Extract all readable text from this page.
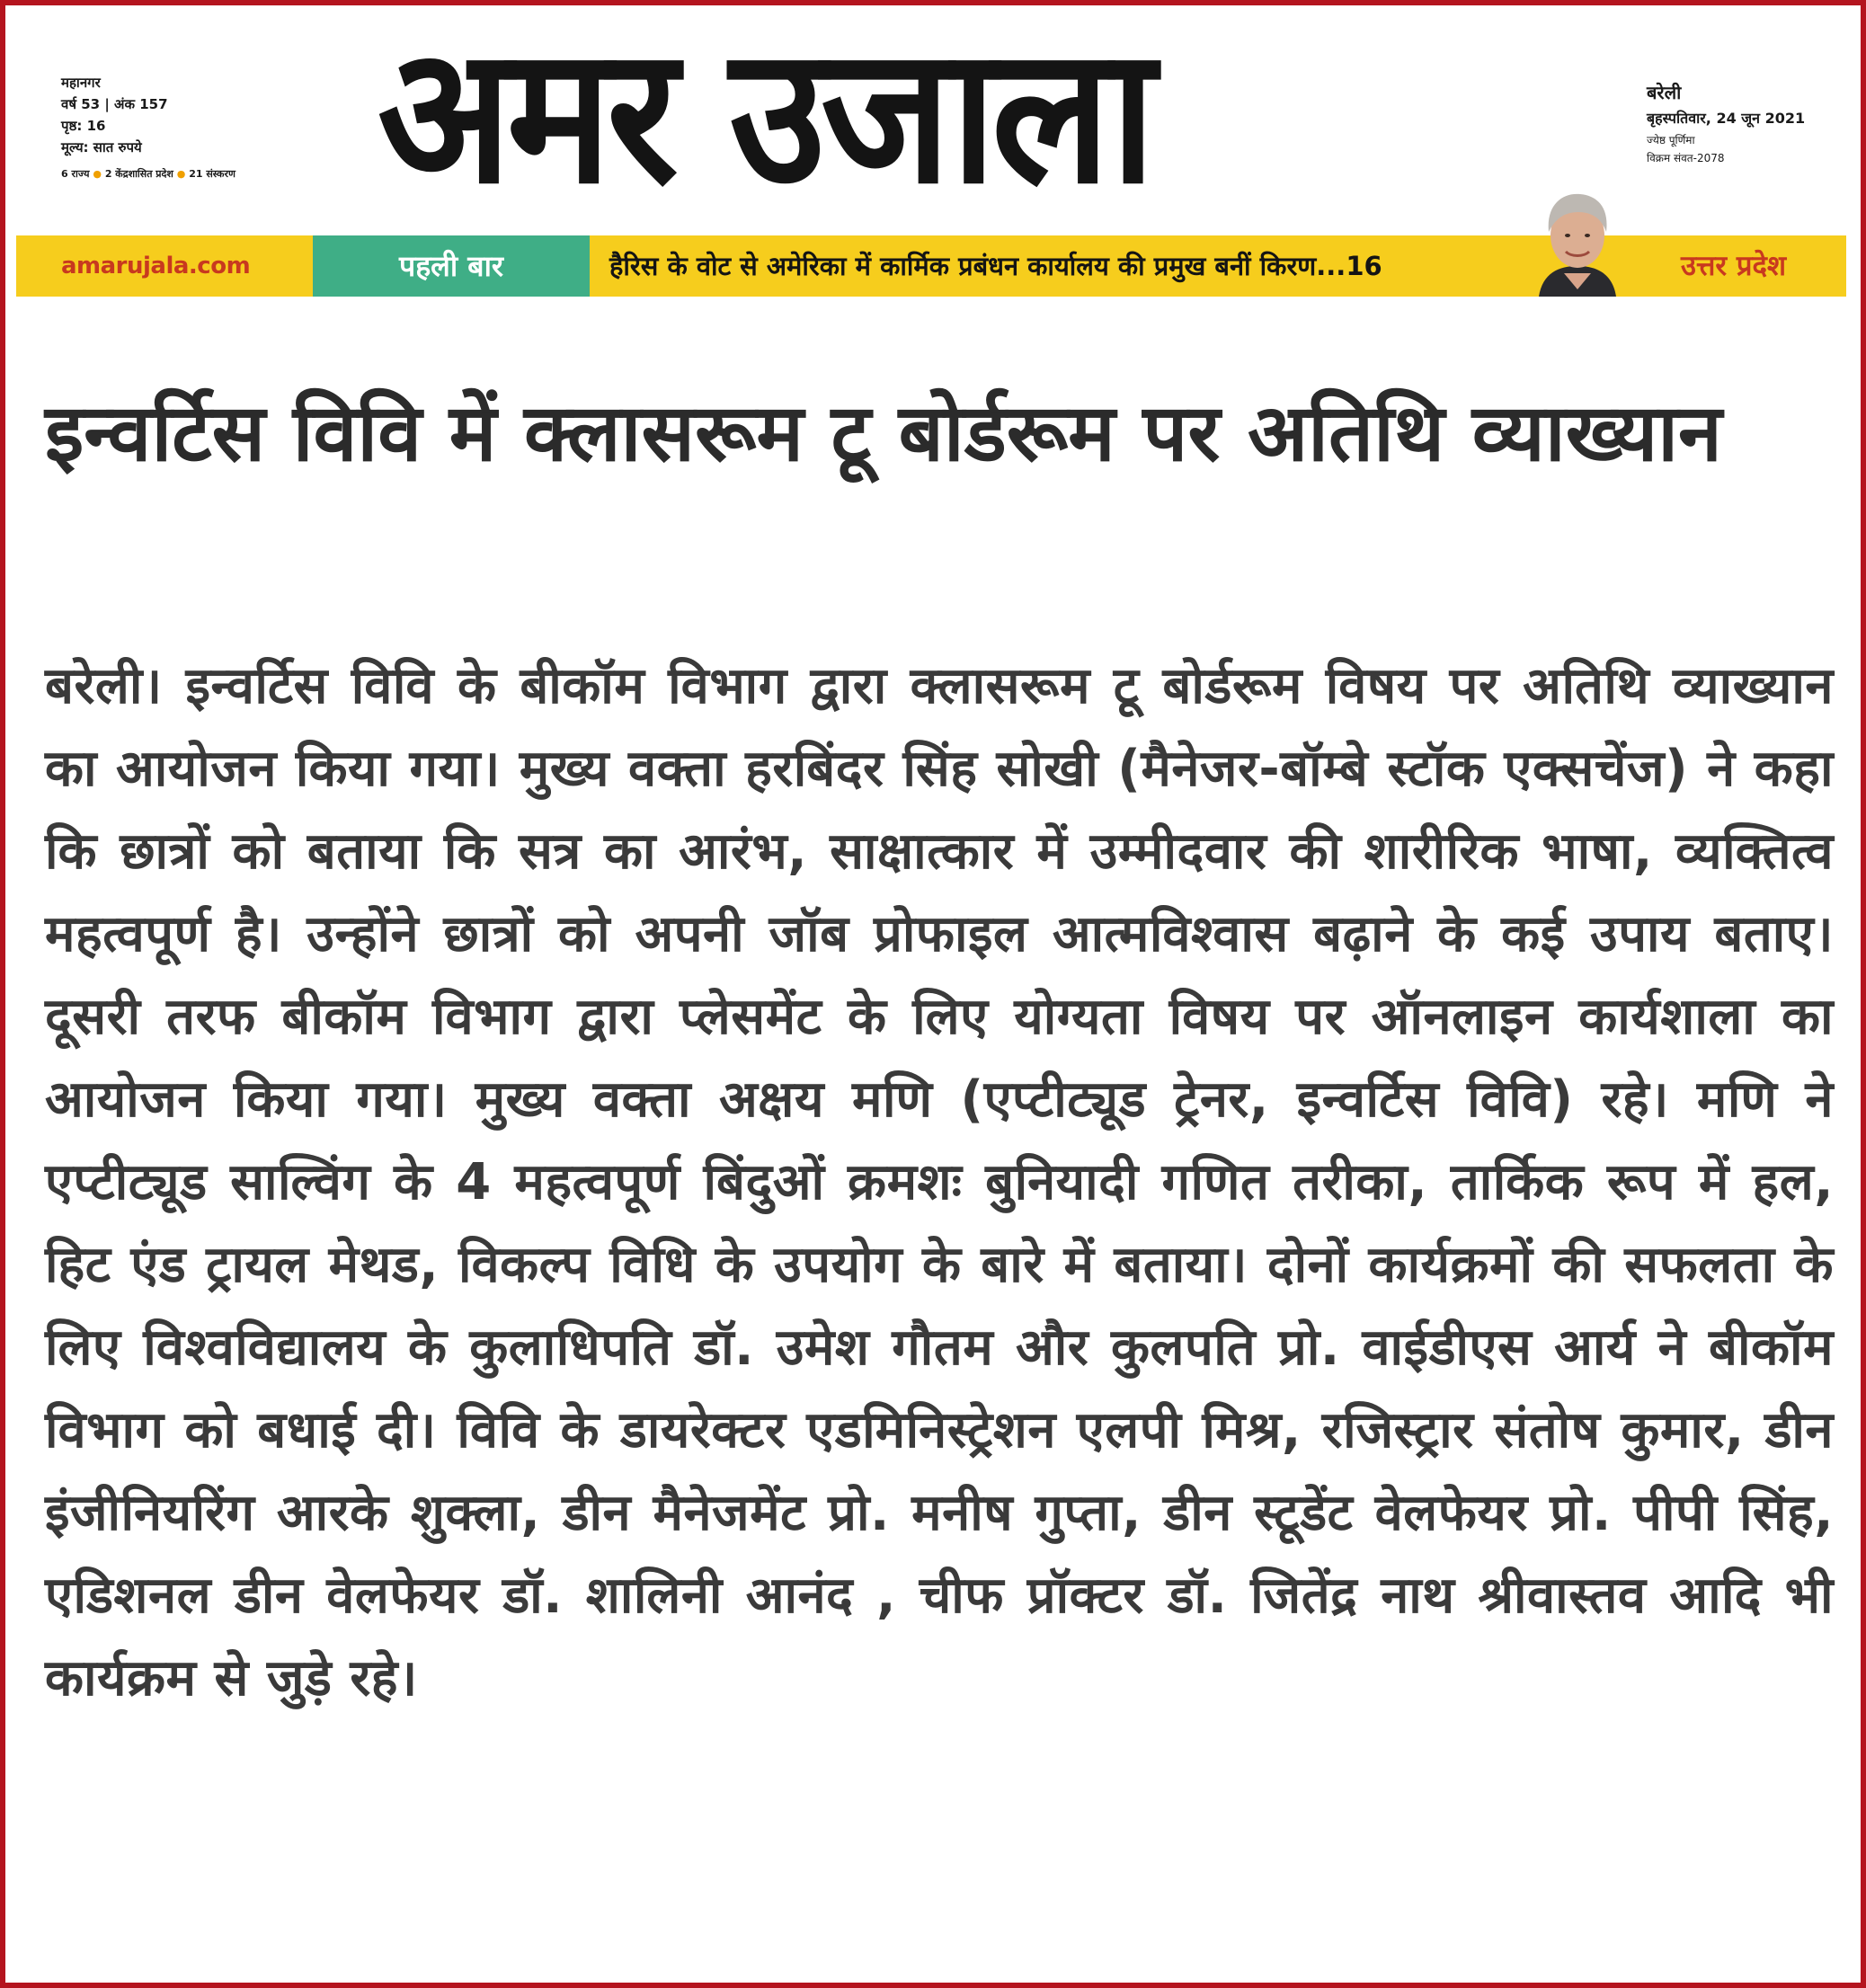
महानगर
वर्ष 53 | अंक 157
पृष्ठ: 16
मूल्य: सात रुपये
6 राज्य ● 2 केंद्रशासित प्रदेश ● 21 संस्करण अमर उजाला	बरेली
बृहस्पतिवार, 24 जून 2021
ज्येष्ठ पूर्णिमा
विक्रम संवत-2078
amarujala.com	पहली बार	हैरिस के वोट से अमेरिका में कार्मिक प्रबंधन कार्यालय की प्रमुख बनीं किरण...16	उत्तर प्रदेश
इन्वर्टिस विवि में क्लासरूम टू बोर्डरूम पर अतिथि व्याख्यान

बरेली। इन्वर्टिस विवि के बीकॉम विभाग द्वारा क्लासरूम टू बोर्डरूम विषय पर अतिथि व्याख्यान का आयोजन किया गया। मुख्य वक्ता हरबिंदर सिंह सोखी (मैनेजर-बॉम्बे स्टॉक एक्सचेंज) ने कहा कि छात्रों को बताया कि सत्र का आरंभ, साक्षात्कार में उम्मीदवार की शारीरिक भाषा, व्यक्तित्व महत्वपूर्ण है। उन्होंने छात्रों को अपनी जॉब प्रोफाइल आत्मविश्वास बढ़ाने के कई उपाय बताए। दूसरी तरफ बीकॉम विभाग द्वारा प्लेसमेंट के लिए योग्यता विषय पर ऑनलाइन कार्यशाला का आयोजन किया गया। मुख्य वक्ता अक्षय मणि (एप्टीट्यूड ट्रेनर, इन्वर्टिस विवि) रहे। मणि ने एप्टीट्यूड साल्विंग के 4 महत्वपूर्ण बिंदुओं क्रमशः बुनियादी गणित तरीका, तार्किक रूप में हल, हिट एंड ट्रायल मेथड, विकल्प विधि के उपयोग के बारे में बताया। दोनों कार्यक्रमों की सफलता के लिए विश्वविद्यालय के कुलाधिपति डॉ. उमेश गौतम और कुलपति प्रो. वाईडीएस आर्य ने बीकॉम विभाग को बधाई दी। विवि के डायरेक्टर एडमिनिस्ट्रेशन एलपी मिश्र, रजिस्ट्रार संतोष कुमार, डीन इंजीनियरिंग आरके शुक्ला, डीन मैनेजमेंट प्रो. मनीष गुप्ता, डीन स्टूडेंट वेलफेयर प्रो. पीपी सिंह, एडिशनल डीन वेलफेयर डॉ. शालिनी आनंद , चीफ प्रॉक्टर डॉ. जितेंद्र नाथ श्रीवास्तव आदि भी कार्यक्रम से जुड़े रहे।
